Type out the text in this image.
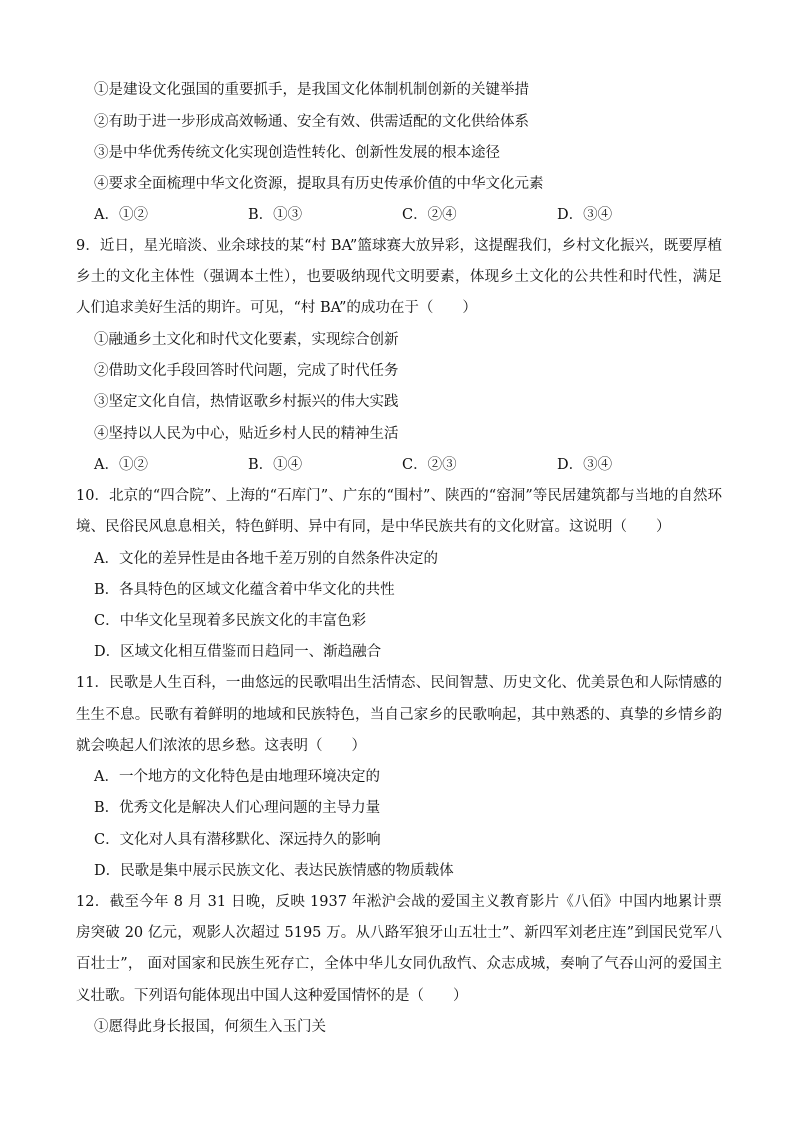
①是建设文化强国的重要抓手，是我国文化体制机制创新的关键举措
②有助于进一步形成高效畅通、安全有效、供需适配的文化供给体系
③是中华优秀传统文化实现创造性转化、创新性发展的根本途径
④要求全面梳理中华文化资源，提取具有历史传承价值的中华文化元素
A．①②	B．①③	C．②④	D．③④
9．近日，星光暗淡、业余球技的某“村 BA”篮球赛大放异彩，这提醒我们，乡村文化振兴，既要厚植
乡土的文化主体性（强调本土性），也要吸纳现代文明要素，体现乡土文化的公共性和时代性，满足
人们追求美好生活的期许。可见，“村 BA”的成功在于（　　）
①融通乡土文化和时代文化要素，实现综合创新
②借助文化手段回答时代问题，完成了时代任务
③坚定文化自信，热情讴歌乡村振兴的伟大实践
④坚持以人民为中心，贴近乡村人民的精神生活
A．①②	B．①④	C．②③	D．③④
10．北京的“四合院”、上海的“石库门”、广东的“围村”、陕西的“窑洞”等民居建筑都与当地的自然环
境、民俗民风息息相关，特色鲜明、异中有同，是中华民族共有的文化财富。这说明（　　）
A．文化的差异性是由各地千差万别的自然条件决定的
B．各具特色的区域文化蕴含着中华文化的共性
C．中华文化呈现着多民族文化的丰富色彩
D．区域文化相互借鉴而日趋同一、渐趋融合
11．民歌是人生百科，一曲悠远的民歌唱出生活情态、民间智慧、历史文化、优美景色和人际情感的
生生不息。民歌有着鲜明的地域和民族特色，当自己家乡的民歌响起，其中熟悉的、真挚的乡情乡韵
就会唤起人们浓浓的思乡愁。这表明（　　）
A．一个地方的文化特色是由地理环境决定的
B．优秀文化是解决人们心理问题的主导力量
C．文化对人具有潜移默化、深远持久的影响
D．民歌是集中展示民族文化、表达民族情感的物质载体
12．截至今年 8 月 31 日晚，反映 1937 年淞沪会战的爱国主义教育影片《八佰》中国内地累计票
房突破 20 亿元，观影人次超过 5195 万。从八路军狼牙山五壮士”、新四军刘老庄连”到国民党军八
百壮士”， 面对国家和民族生死存亡，全体中华儿女同仇敌忾、众志成城，奏响了气吞山河的爱国主
义壮歌。下列语句能体现出中国人这种爱国情怀的是（　　）
①愿得此身长报国，何须生入玉门关
